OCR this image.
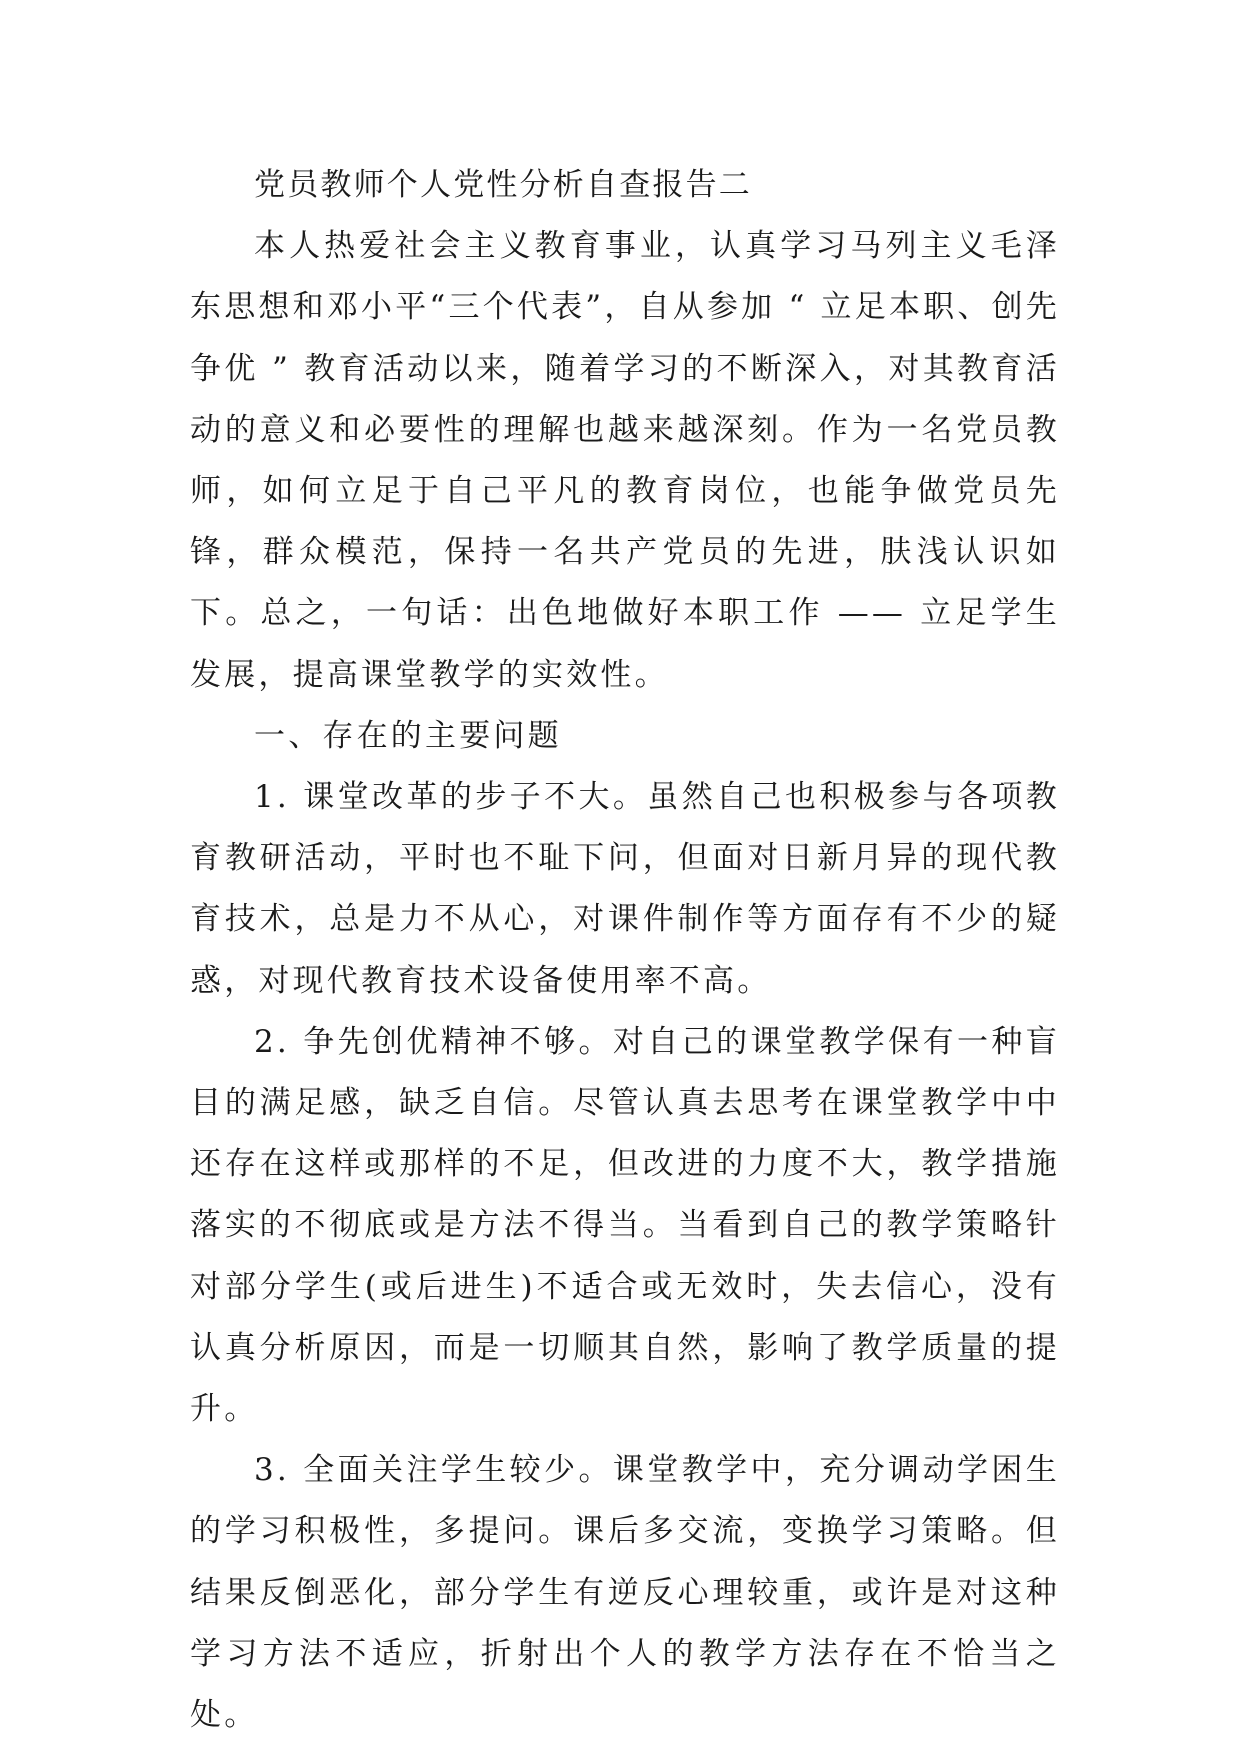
党员教师个人党性分析自查报告二

本人热爱社会主义教育事业，认真学习马列主义毛泽东思想和邓小平“三个代表”，自从参加 “ 立足本职、创先争优 ” 教育活动以来，随着学习的不断深入，对其教育活动的意义和必要性的理解也越来越深刻。作为一名党员教师，如何立足于自己平凡的教育岗位，也能争做党员先锋，群众模范，保持一名共产党员的先进，肤浅认识如下。总之，一句话：出色地做好本职工作 —— 立足学生发展，提高课堂教学的实效性。

一、存在的主要问题

1. 课堂改革的步子不大。虽然自己也积极参与各项教育教研活动，平时也不耻下问，但面对日新月异的现代教育技术，总是力不从心，对课件制作等方面存有不少的疑惑，对现代教育技术设备使用率不高。

2. 争先创优精神不够。对自己的课堂教学保有一种盲目的满足感，缺乏自信。尽管认真去思考在课堂教学中中还存在这样或那样的不足，但改进的力度不大，教学措施落实的不彻底或是方法不得当。当看到自己的教学策略针对部分学生(或后进生)不适合或无效时，失去信心，没有认真分析原因，而是一切顺其自然，影响了教学质量的提升。

3. 全面关注学生较少。课堂教学中，充分调动学困生的学习积极性，多提问。课后多交流，变换学习策略。但结果反倒恶化，部分学生有逆反心理较重，或许是对这种学习方法不适应，折射出个人的教学方法存在不恰当之处。
